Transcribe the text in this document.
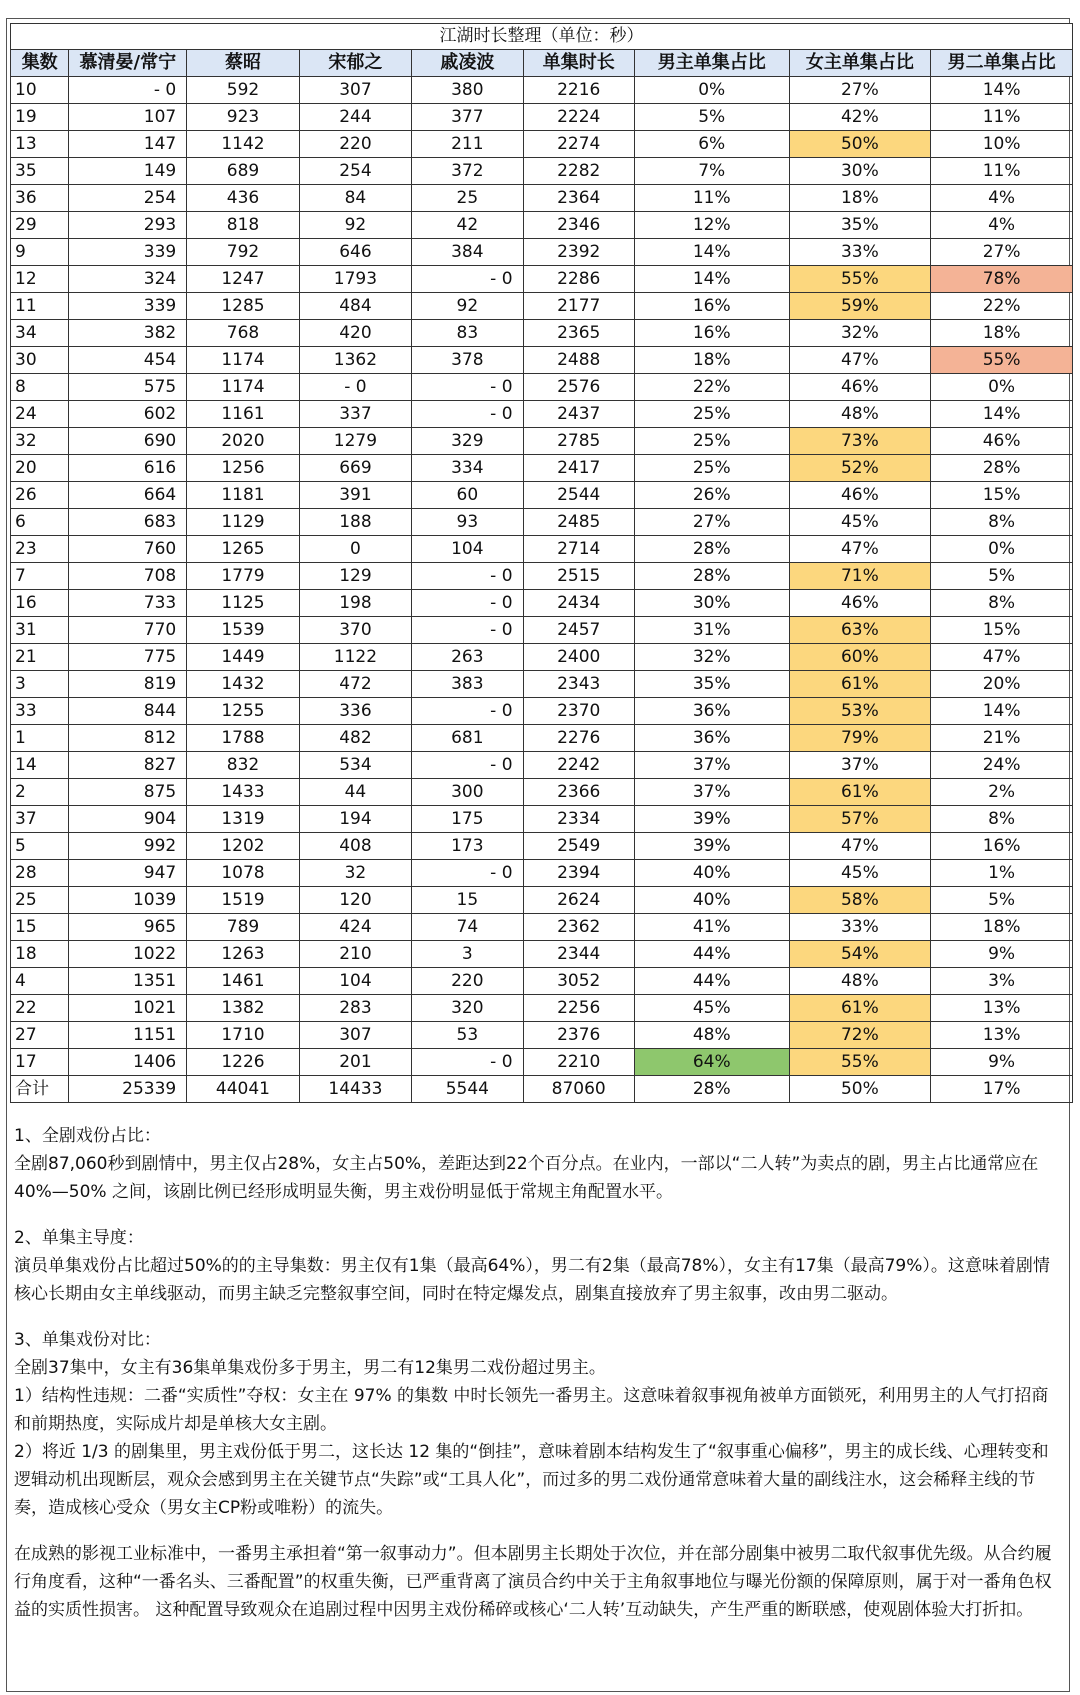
江湖时长整理（单位：秒）								
集数	慕清晏/常宁	蔡昭	宋郁之	戚凌波	单集时长	男主单集占比	女主单集占比	男二单集占比
10	- 0	592	307	380	2216	0%	27%	14%
19	107	923	244	377	2224	5%	42%	11%
13	147	1142	220	211	2274	6%	50%	10%
35	149	689	254	372	2282	7%	30%	11%
36	254	436	84	25	2364	11%	18%	4%
29	293	818	92	42	2346	12%	35%	4%
9	339	792	646	384	2392	14%	33%	27%
12	324	1247	1793	- 0	2286	14%	55%	78%
11	339	1285	484	92	2177	16%	59%	22%
34	382	768	420	83	2365	16%	32%	18%
30	454	1174	1362	378	2488	18%	47%	55%
8	575	1174	- 0	- 0	2576	22%	46%	0%
24	602	1161	337	- 0	2437	25%	48%	14%
32	690	2020	1279	329	2785	25%	73%	46%
20	616	1256	669	334	2417	25%	52%	28%
26	664	1181	391	60	2544	26%	46%	15%
6	683	1129	188	93	2485	27%	45%	8%
23	760	1265	0	104	2714	28%	47%	0%
7	708	1779	129	- 0	2515	28%	71%	5%
16	733	1125	198	- 0	2434	30%	46%	8%
31	770	1539	370	- 0	2457	31%	63%	15%
21	775	1449	1122	263	2400	32%	60%	47%
3	819	1432	472	383	2343	35%	61%	20%
33	844	1255	336	- 0	2370	36%	53%	14%
1	812	1788	482	681	2276	36%	79%	21%
14	827	832	534	- 0	2242	37%	37%	24%
2	875	1433	44	300	2366	37%	61%	2%
37	904	1319	194	175	2334	39%	57%	8%
5	992	1202	408	173	2549	39%	47%	16%
28	947	1078	32	- 0	2394	40%	45%	1%
25	1039	1519	120	15	2624	40%	58%	5%
15	965	789	424	74	2362	41%	33%	18%
18	1022	1263	210	3	2344	44%	54%	9%
4	1351	1461	104	220	3052	44%	48%	3%
22	1021	1382	283	320	2256	45%	61%	13%
27	1151	1710	307	53	2376	48%	72%	13%
17	1406	1226	201	- 0	2210	64%	55%	9%
合计	25339	44041	14433	5544	87060	28%	50%	17%

1、全剧戏份占比：

全剧87,060秒到剧情中，男主仅占28%，女主占50%，差距达到22个百分点。在业内，一部以“二人转”为卖点的剧，男主占比通常应在 40%—50% 之间，该剧比例已经形成明显失衡，男主戏份明显低于常规主角配置水平。

2、单集主导度：

演员单集戏份占比超过50%的的主导集数：男主仅有1集（最高64%），男二有2集（最高78%），女主有17集（最高79%）。这意味着剧情核心长期由女主单线驱动，而男主缺乏完整叙事空间，同时在特定爆发点，剧集直接放弃了男主叙事，改由男二驱动。

3、单集戏份对比：

全剧37集中，女主有36集单集戏份多于男主，男二有12集男二戏份超过男主。

1）结构性违规：二番“实质性”夺权：女主在 97% 的集数 中时长领先一番男主。这意味着叙事视角被单方面锁死，利用男主的人气打招商和前期热度，实际成片却是单核大女主剧。

2）将近 1/3 的剧集里，男主戏份低于男二，这长达 12 集的“倒挂”，意味着剧本结构发生了“叙事重心偏移”，男主的成长线、心理转变和逻辑动机出现断层，观众会感到男主在关键节点“失踪”或“工具人化”，而过多的男二戏份通常意味着大量的副线注水，这会稀释主线的节奏，造成核心受众（男女主CP粉或唯粉）的流失。

在成熟的影视工业标准中，一番男主承担着“第一叙事动力”。但本剧男主长期处于次位，并在部分剧集中被男二取代叙事优先级。从合约履行角度看，这种“一番名头、三番配置”的权重失衡，已严重背离了演员合约中关于主角叙事地位与曝光份额的保障原则，属于对一番角色权益的实质性损害。 这种配置导致观众在追剧过程中因男主戏份稀碎或核心‘二人转’互动缺失，产生严重的断联感，使观剧体验大打折扣。
